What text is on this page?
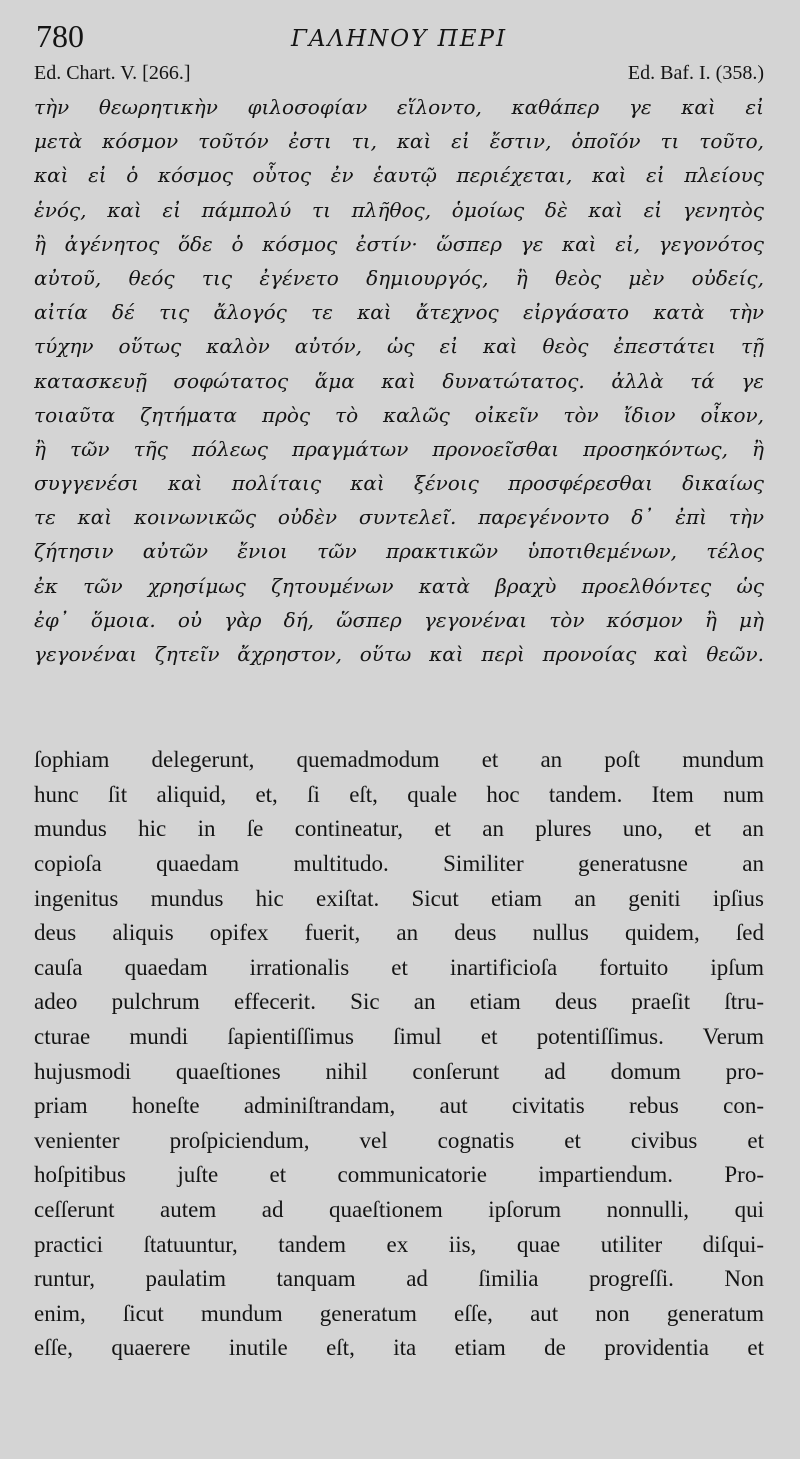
780	ΓΑΛΗΝΟΥ ΠΕΡΙ
Ed. Chart. V. [266.]	Ed. Baf. I. (358.)
τὴν θεωρητικὴν φιλοσοφίαν εἵλοντο, καθάπερ γε καὶ εἰ
μετὰ κόσμον τοῦτόν ἐστι τι, καὶ εἰ ἔστιν, ὁποῖόν τι τοῦτο,
καὶ εἰ ὁ κόσμος οὗτος ἐν ἑαυτῷ περιέχεται, καὶ εἰ πλείους
ἑνός, καὶ εἰ πάμπολύ τι πλῆθος, ὁμοίως δὲ καὶ εἰ γενητὸς
ἢ ἀγένητος ὅδε ὁ κόσμος ἐστίν· ὥσπερ γε καὶ εἰ, γεγονότος
αὐτοῦ, θεός τις ἐγένετο δημιουργός, ἢ θεὸς μὲν οὐδείς,
αἰτία δέ τις ἄλογός τε καὶ ἄτεχνος εἰργάσατο κατὰ τὴν
τύχην οὕτως καλὸν αὐτόν, ὡς εἰ καὶ θεὸς ἐπεστάτει τῇ
κατασκευῇ σοφώτατος ἅμα καὶ δυνατώτατος. ἀλλὰ τά γε
τοιαῦτα ζητήματα πρὸς τὸ καλῶς οἰκεῖν τὸν ἴδιον οἶκον,
ἢ τῶν τῆς πόλεως πραγμάτων προνοεῖσθαι προσηκόντως, ἢ
συγγενέσι καὶ πολίταις καὶ ξένοις προσφέρεσθαι δικαίως
τε καὶ κοινωνικῶς οὐδὲν συντελεῖ. παρεγένοντο δ᾽ ἐπὶ τὴν
ζήτησιν αὐτῶν ἔνιοι τῶν πρακτικῶν ὑποτιθεμένων, τέλος
ἐκ τῶν χρησίμως ζητουμένων κατὰ βραχὺ προελθόντες ὡς
ἐφ᾽ ὅμοια. οὐ γὰρ δή, ὥσπερ γεγονέναι τὸν κόσμον ἢ μὴ
γεγονέναι ζητεῖν ἄχρηστον, οὕτω καὶ περὶ προνοίας καὶ θεῶν.
ſophiam delegerunt, quemadmodum et an poſt mundum
hunc ſit aliquid, et, ſi eſt, quale hoc tandem. Item num
mundus hic in ſe contineatur, et an plures uno, et an
copioſa quaedam multitudo. Similiter generatusne an
ingenitus mundus hic exiſtat. Sicut etiam an geniti ipſius
deus aliquis opifex fuerit, an deus nullus quidem, ſed
cauſa quaedam irrationalis et inartificioſa fortuito ipſum
adeo pulchrum effecerit. Sic an etiam deus praeſit ſtru-
cturae mundi ſapientiſſimus ſimul et potentiſſimus. Verum
hujusmodi quaeſtiones nihil conſerunt ad domum pro-
priam honeſte adminiſtrandam, aut civitatis rebus con-
venienter proſpiciendum, vel cognatis et civibus et
hoſpitibus juſte et communicatorie impartiendum. Pro-
ceſſerunt autem ad quaeſtionem ipſorum nonnulli, qui
practici ſtatuuntur, tandem ex iis, quae utiliter diſqui-
runtur, paulatim tanquam ad ſimilia progreſſi. Non
enim, ſicut mundum generatum eſſe, aut non generatum
eſſe, quaerere inutile eſt, ita etiam de providentia et
